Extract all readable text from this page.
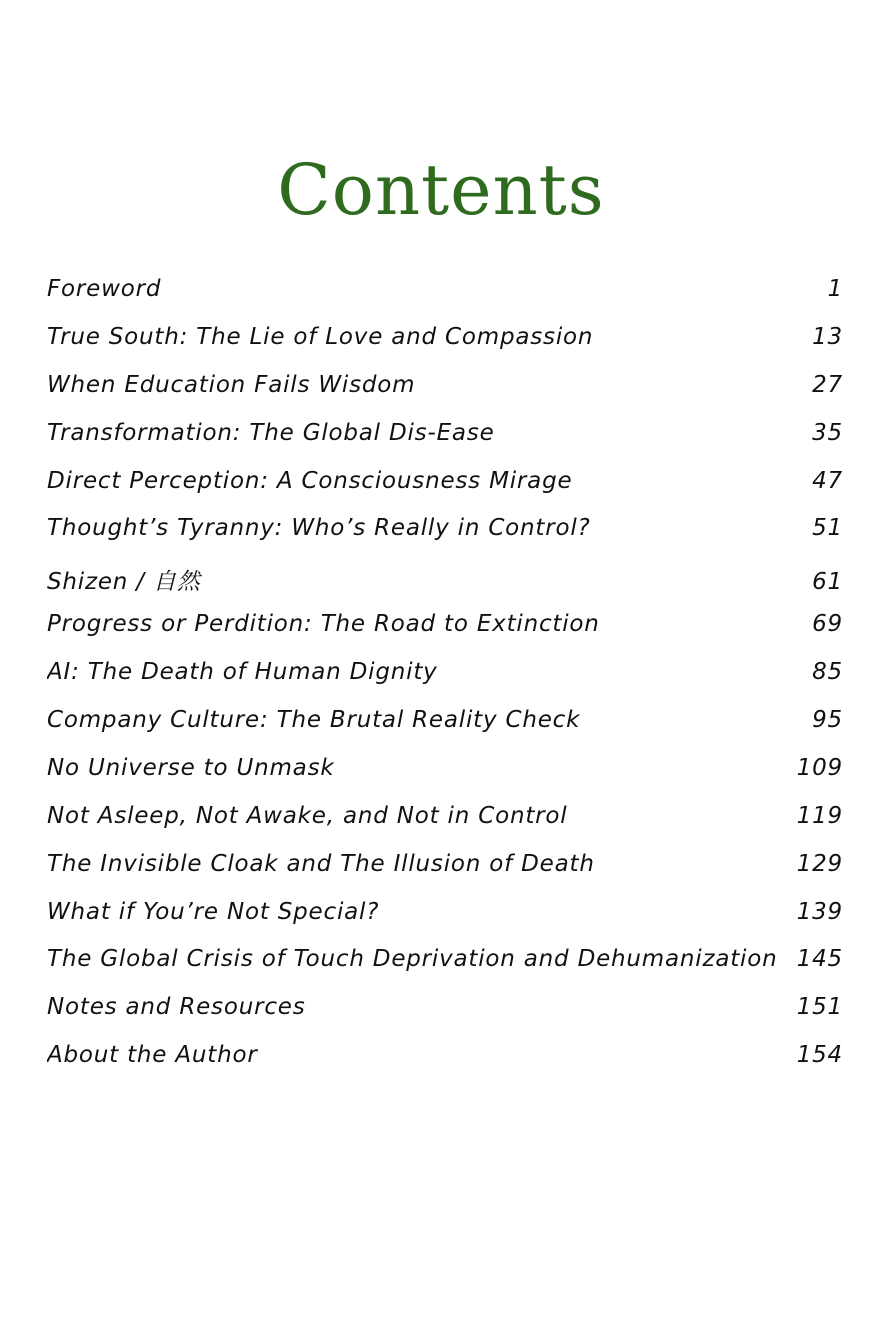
Contents
Foreword	1
True South: The Lie of Love and Compassion	13
When Education Fails Wisdom	27
Transformation: The Global Dis-Ease	35
Direct Perception: A Consciousness Mirage	47
Thought’s Tyranny: Who’s Really in Control?	51
Shizen / 自然	61
Progress or Perdition: The Road to Extinction	69
AI: The Death of Human Dignity	85
Company Culture: The Brutal Reality Check	95
No Universe to Unmask	109
Not Asleep, Not Awake, and Not in Control	119
The Invisible Cloak and The Illusion of Death	129
What if You’re Not Special?	139
The Global Crisis of Touch Deprivation and Dehumanization 145
Notes and Resources	151
About the Author	154
